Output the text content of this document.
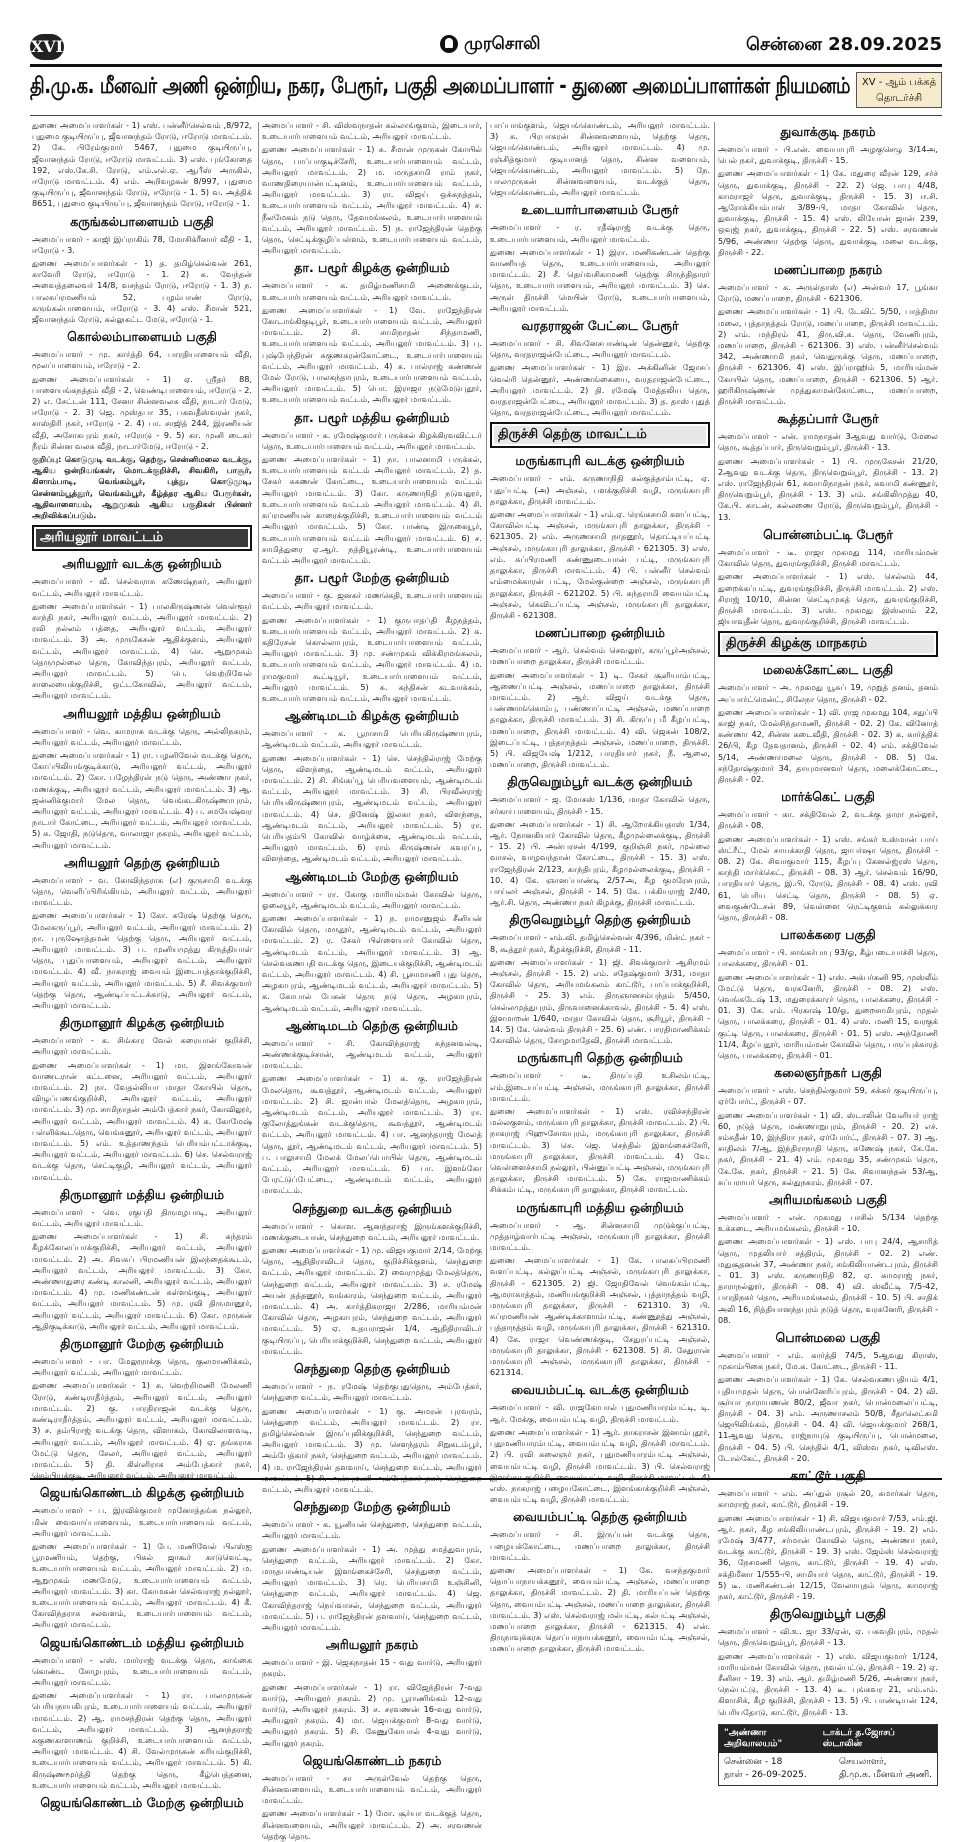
XVI	முரசொலி	சென்னை 28.09.2025
தி.மு.க. மீனவர் அணி ஒன்றிய, நகர, பேரூர், பகுதி அமைப்பாளர் - துணை அமைப்பாளர்கள் நியமனம்	XV - ஆம் பக்கத்
தொடர்ச்சி

துணை அமைப்பாளர்கள் - 1) எஸ். பன்னீர்செல்வம் ,8/972, புதுமை குடியிருப்பு, ஜீவானந்தம் ரோடு, ஈரோடு மாவட்டம். 2) கே. பிரேம்குமார் 5467, புதுமை குடியிருப்பு, ஜீவானந்தம் ரோடு, ஈரோடு மாவட்டம். 3) எஸ். புங்கோதை 192, எஸ்.கே.சி. ரோடு, எம்.எல்.ஏ. ஆபீஸ் அருகில், ஈரோடு மாவட்டம். 4) எம். அறிவழகன் 8/997, புதுமை குடியிருப்பு, ஜீவானந்தம் ரோடு, ஈரோடு - 1. 5) வ. அத்திக் 8651, புதுமை குடியிருப்பு, ஜீவானந்தம் ரோடு, ஈரோடு - 1.

கருங்கல்பாளையம் பகுதி

அமைப்பாளர் - காஜி இப்ராகிம் 78, மோசிக்ரீனார் வீதி - 1, ஈரோடு - 3.

துணை அமைப்பாளர்கள் - 1) த. தமிழ்செல்வன் 261, காவேரி ரோடு, ஈரோடு - 1. 2) சு. வேந்தன் அவைத்தலைவர் 14/8, வசந்தம் ரோடு, ஈரோடு - 1. 3) ந. பாலசுப்ரமணியம் 52, பழம்பாண் ரோடு, கருங்கல்பாளையம், ஈரோடு - 3. 4) எஸ். சீமான் 521, ஜீவானந்தம் ரோடு, கல்லுகட்ட மேடு, ஈரோடு - 1.

கொல்லம்பாளையம் பகுதி

அமைப்பாளர் - மு. கார்த்தி 64, பாரதியாளையம் வீதி, மூலப்பாளையம், ஈரோடு - 2.

துணை அமைப்பாளர்கள் - 1) ஏ. ஸ்ரீதர் 88, பாளையங்கநத்தம் வீதி - 2, வெண்டிபாளையம், ஈரோடு - 2. 2) எ. சேட்டன் 111, சேனா சின்னவலசு வீதி, நாடார் மேடு, ஈரோடு - 2. 3) ஜெ. முஸ்தபா 35, பகவதீஸ்வரன் நகர், சாஸ்திரி நகர், ஈரோடு - 2. 4) பா. சாஜித் 244, இரணியன் வீதி, அசோகபுரம் நகர், ஈரோடு - 9. 5) கா. முனி டைகர் நீரம் சின்ன வலசு வீதி, நாடார்மேடு, ஈரோடு - 2.

குறிப்பு: கொடுமுடி வடக்கு, தெற்கு, சென்னிமலை வடக்கு, ஆகிய ஒன்றியங்கள், மொடக்குறிச்சி, சிவகிரி, பாசூர், கிளாம்பாடி, வெங்கம்பூர், புத்து, கொடுமுடி, சென்னம்பூத்தூர், வெங்கம்பூர், கீழ்த்தர ஆகிய பேரூர்கள், ஆதிவாளையம், ஆறுமுகம் ஆகிய பகுதிகள் பின்னர் அறிவிக்கப்படும்.

அரியலூர் மாவட்டம்
அரியலூர் வடக்கு ஒன்றியம்

அமைப்பாளர் - வீ. செல்வராசு கணேஷ்நகர், அரியலூர் வட்டம், அரியலூர் மாவட்டம்.

துணை அமைப்பாளர்கள் - 1) பாலகிருஷ்ணன் வெள்ளூர் காந்தி நகர், அரியலூர் வட்டம், அரியலூர் மாவட்டம். 2) ரவி நல்லம் பத்தை, அரியலூர் வட்டம், அரியலூர் மாவட்டம். 3) அ. முருகேசன் ஆதிக்குளம், அரியலூர் வட்டம், அரியலூர் மாவட்டம். 4) செ. ஆறுமுகம் தெருமுல்லை தெரு, கோவிந்தபுரம், அரியலூர் வட்டம், அரியலூர் மாவட்டம். 5) பெ. வெற்றிவேல் சாலையைக்குறிச்சி, ஒட்டகோவில், அரியலூர் வட்டம், அரியலூர் மாவட்டம்.

அரியலூர் மத்திய ஒன்றியம்

அமைப்பாளர் - வெ. காமராசு வடக்கு தெரு, அல்லிநகரம், அரியலூர் வட்டம், அரியலூர் மாவட்டம்.

துணை அமைப்பாளர்கள் - 1) ரா. பழனிவேல் வடக்கு தெரு, கோப்பிலியங்குடிக்காடு, அரியலூர் வட்டம், அரியலூர் மாவட்டம். 2) கோ. பழேந்திரன் நடு தெரு, அண்ணா நகர், மணக்குடி, அரியலூர் வட்டம், அரியலூர் மாவட்டம். 3) ஆ. ஜன்னிக்குமார் மேல தெரு, வெங்கடகிருஷ்ணாபுரம், அரியலூர் வட்டம், அரியலூர் மாவட்டம். 4) ப. சமயேஷ்வர நாடார் கோட்டை, அரியலூர் வட்டம், அரியலூர் மாவட்டம். 5) சு. ஜோதி, நடுதெரு, வாலாஜா நகரம், அரியலூர் வட்டம், அரியலூர் மாவட்டம்.

அரியலூர் தெற்கு ஒன்றியம்

அமைப்பாளர் - வ. கோவிந்தராசு (எ) குருசாமி வடக்கு தெரு, வெளிப்பிரிங்கியம், அரியலூர் வட்டம், அரியலூர் மாவட்டம்.

துணை அமைப்பாளர்கள் - 1) கோ. சுரேஷ் தெற்கு தெரு, மேலகருப்பூர், அரியலூர் வட்டம், அரியலூர் மாவட்டம். 2) நா. புருஷோத்தமன் தெற்கு தெரு, அரியலூர் வட்டம், அரியலூர் மாவட்டம். 3) ப. முனியமுத்து கிருத்தியாள் தெரு, புதுப்பாளையம், அரியலூர் வட்டம், அரியலூர் மாவட்டம். 4) வீ. நாகராஜ் வையம் இடையத்தாக்குறிச்சி, அரியலூர் வட்டம், அரியலூர் மாவட்டம். 5) சீ. சிவக்குமார் தெற்கு தெரு, ஆண்டிப்பட்டக்காடு, அரியலூர் வட்டம், அரியலூர் மாவட்டம்.

திருமானூர் கிழக்கு ஒன்றியம்

அமைப்பாளர் - க. சிங்கார வேல் கரையான் குறிச்சி, அரியலூர் மாவட்டம்.

துணை அமைப்பாளர்கள் - 1) மா. இளங்கோவன் வாணடரான் கட்டனை, அரியலூர் வட்டம், அரியலூர் மாவட்டம். 2) நா. வேதல்லியா மாதா கோயில் தெரு, விழுப்பணங்குறிச்சி, அரியலூர் வட்டம், அரியலூர் மாவட்டம். 3) மு. சாமிநாதன் அம்பேத்கார் நகர், கோவிலூர், அரியலூர் வட்டம், அரியலூர் மாவட்டம். 4) க. கோமேஷ் பள்ளிக்கூடதெரு, வெங்கனூர், அரியலூர் வட்டம், அரியலூர் மாவட்டம். 5) எம். உத்தாணந்தம் பெரியம்பட்டாக்குடி, அரியலூர் வட்டம், அரியலூர் மாவட்டம். 6) செ. செல்வராஜ் வடக்கு தெரு, செட்டிகுழி, அரியலூர் வட்டம், அரியலூர் மாவட்டம்.

திருமானூர் மத்திய ஒன்றியம்

அமைப்பாளர் - வெ. ரகுபதி திருமழபாடி, அரியலூர் வட்டம், அரியலூர் மாவட்டம்.

துணை அமைப்பாளர்கள் - 1) சி. சுந்தரம் கீழக்கோலப்பாக்குறிச்சி, அரியலூர் வட்டம், அரியலூர் மாவட்டம். 2) அ. சிவசுப் பிரமணியன் இலந்தைக்கூடம், அரியலூர் வட்டம், அரியலூர் மாவட்டம். 3) கோ. அண்ணாதுரை கண்டி காலனி, அரியலூர் வட்டம், அரியலூர் மாவட்டம். 4) மு. மணிகண்டன் சுள்ளங்குடி, அரியலூர் வட்டம், அரியலூர் மாவட்டம். 5) மு. ரவி திருமானூர், அரியலூர் வட்டம், அரியலூர் மாவட்டம். 6) கோ. முருகன் ஆதிகுடிக்காடு, அரியலூர் வட்டம், அரியலூர் மாவட்டம்.

திருமானூர் மேற்கு ஒன்றியம்

அமைப்பாளர் - பா. மேலூராக்கு தெரு, குலமாணிக்கம், அரியலூர் வட்டம், அரியலூர் மாவட்டம்.

துணை அமைப்பாளர்கள் - 1) சு. வெற்றிமணி மேலணி ரோடு, கண்டிராதீர்த்தம், அரியலூர் வட்டம், அரியலூர் மாவட்டம். 2) கு. பாரதிராஜன் வடக்கு தெரு, கண்டிராதீர்த்தம், அரியலூர் வட்டம், அரியலூர் மாவட்டம். 3) ச. தம்பிராஜ் வடக்கு தெரு, விளாகம், கோவிலாளவடி, அரியலூர் வட்டம், அரியலூர் மாவட்டம். 4) ஏ. தங்கராசு மேட்டு தெரு, சேலர், அரியலூர் வட்டம், அரியலூர் மாவட்டம். 5) தி. கிள்ளிராசு அம்பேத்கார் நகர், செம்பியக்குடி, அரியலூர் வட்டம், அரியலூர் மாவட்டம்.

ஜெயங்கொண்டம் கிழக்கு ஒன்றியம்

அமைப்பாளர் - ப. இரவிக்குமார் முனோத்தங்க நல்லூர், மின் வைவாய்பாளையம், உடையார்பாளையம் வட்டம், அரியலூர் மாவட்டம்.

துணை அமைப்பாளர்கள் - 1) பே. மணிவேல் பிஎஸ்ஐ பூரமணியம், தெற்கு, பிகல் ஜாகூர் காடுவெட்டி, உடையார்பாளையம் வட்டம், அரியலூர் மாவட்டம். 2) ம. ஆறுமுகம் மணமேடு, உடையார்பாளையம் வட்டம், அரியலூர் மாவட்டம். 3) கா. கோமகன் செல்வராஜ் நல்லூர், உடையார்பாளையம் வட்டம், அரியலூர் மாவட்டம். 4) கீ. கோவிந்தராசு சலவளம், உடையார்பாளையம் வட்டம், அரியலூர் மாவட்டம்.

ஜெயங்கொண்டம் மத்திய ஒன்றியம்

அமைப்பாளர் - எஸ். மார்ராஜ் வடக்கு தெரு, காங்கை கொண்ட சோழபுரம், உடையார்பாளையம் வட்டம், அரியலூர் மாவட்டம்.

துணை அமைப்பாளர்கள் - 1) ரா. பாலமுருகன் பெரியநாயகிபுரம், உடையார்பாளையம் வட்டம், அரியலூர் மாவட்டம். 2) ஆ. ராமசந்திரன் தெற்கு தெரு, அரியலூர் வட்டம், அரியலூர் மாவட்டம். 3) ஆனந்தராஜ் சுகுணகாளாணம் குறிச்சி, உடையார்பாளையம் வட்டம், அரியலூர் மாவட்டம். 4) சி. வேல்முருகன் கரியம்குறிச்சி, உடையார்பாளையம் வட்டம், அரியலூர் மாவட்டம். 5) கி. கிருஷ்ணமூர்த்தி தெற்கு தெரு, கீழ்பெத்தனை, உடையார்பாளையம் வட்டம், அரியலூர் மாவட்டம்.

ஜெயங்கொண்டம் மேற்கு ஒன்றியம்

அமைப்பாளர் - சி. விஸ்வநாதன் கல்லாங்குளம், இடையார், உடையார்பாளையம் வட்டம், அரியலூர் மாவட்டம்.

துணை அமைப்பாளர்கள் - 1) சு. சீமான் முருகன் கோயில் தெரு, பாப்பாகுடிச்சேரி, உடையார்பாளையம் வட்டம், அரியலூர் மாவட்டம். 2) ம. மருதசாமி ராம் நகர், வாணதிரையான்பட்டினம், உடையார்பாளையம் வட்டம், அரியலூர் மாவட்டம். 3) ரா. விஜய் ஒக்கநத்தம், உடையார்பாளையம் வட்டம், அரியலூர் மாவட்டம். 4) ச. நீலமேகம் நடு தெரு, தேவமங்கலம், உடையார்பாளையம் வட்டம், அரியலூர் மாவட்டம். 5) ந. ராஜேந்திரன் தெற்கு தெரு, செட்டிக்குழிப்பள்ளம், உடையார்பாளையம் வட்டம், அரியலூர் மாவட்டம்.

தா. பழூர் கிழக்கு ஒன்றியம்

அமைப்பாளர் - க. தமிழ்மணிசாமி அணைக்குடம், உடையார்பாளையம் வட்டம், அரியலூர் மாவட்டம்.

துணை அமைப்பாளர்கள் - 1) வே. ராஜேந்திரன் கோடாங்கிகுடிபூர், உடையார்பாளையம் வட்டம், அரியலூர் மாவட்டம். 2) சி. சாமிநாதன் சிந்தாமணி, உடையார்பாளையம் வட்டம், அரியலூர் மாவட்டம். 3) பு. புஷ்பேந்திரன் சுகுணகரன்கோட்டை, உடையார்பாளையம் வட்டம், அரியலூர் மாவட்டம். 4) க. பால்ராஜ் கண்ணன் மேல் ரோடு, பாலகந்தாபுரம், உடையார்பாளையம் வட்டம், அரியலூர் மாவட்டம். 5) பொ. இராஜா நடுமேடுபுதூர், உடையார்பாளையம் வட்டம், அரியலூர் மாவட்டம்.

தா. பழூர் மத்திய ஒன்றியம்

அமைப்பாளர் - க. ரமேஷ்குமார் பருக்கல் கிழக்கிரவவிட்டர் தெரு, உடையார்பாளையம் வட்டம், அரியலூர் மாவட்டம்.

துணை அமைப்பாளர்கள் - 1) நா. பாலனாமி பருக்கல், உடையார்பாளையம் வட்டம் அரியலூர் மாவட்டம். 2) த. சேகர் சுகணன் கோட்டை, உடையார்பாளையம் வட்டம் அரியலூர் மாவட்டம். 3) கோ. கருணாநிதி நடுவலூர், உடையார்பாளையம் வட்டம் அரியலூர் மாவட்டம். 4) சி. சுப்ரமணியன் காரைக்குறிச்சி, உடையார்பாளையம் வட்டம் அரியலூர் மாவட்டம். 5) கோ. பாண்டி இருகையூர், உடையார்பாளையம் வட்டம் அரியலூர் மாவட்டம். 6) ச. சாமித்துரை ஏ.ஆர். நத்தியூரண்டி, உடையார்பாளையம் வட்டம் அரியலூர் மாவட்டம்.

தா. பழூர் மேற்கு ஒன்றியம்

அமைப்பாளர் - கு. ஜனகர் மணகெதி, உடையார்பாளையம் வட்டம், அரியலூர் மாவட்டம்.

துணை அமைப்பாளர்கள் - 1) குருபாதப்தி கீழநத்தம், உடையார்பாளையம் வட்டம், அரியலூர் மாவட்டம். 2) க. கதிரேசன் கொல்லாபுரம், உடையார்பாளையம் வட்டம், அரியலூர் மாவட்டம். 3) மு. சண்முகம் விக்கிரமங்கலம், உடையார்பாளையம் வட்டம், அரியலூர் மாவட்டம். 4) ம. ராமகுமார் கூட்டியூர், உடையார்பாளையம் வட்டம், அரியலூர் மாவட்டம். 5) சு. கந்திசன் கடவாக்கம், உடையார்பாளையம் வட்டம், அரியலூர் மாவட்டம்.

ஆண்டிமடம் கிழக்கு ஒன்றியம்

அமைப்பாளர் - க. பூராசாமி பெரியகிருஷ்ணாபுரம், ஆண்டிமடம் வட்டம், அரியலூர் மாவட்டம்.

துணை அமைப்பாளர்கள் - 1) செ. செந்தில்ராஜ் மேற்கு தெரு, விளந்தை, ஆண்டிமடம் வட்டம், அரியலூர் மாவட்டம். 2) சி. சிங்கப்பூ பெரியவளையம், ஆண்டிமடம் வட்டம், அரியலூர் மாவட்டம். 3) சி. பிரவீன்ராஜ் பெரியகிருஷ்ணாபுரம், ஆண்டிமடம் வட்டம், அரியலூர் மாவட்டம். 4) செ. தினேஷ் இலகா நகர், விளந்தை, ஆண்டிமடம் வட்டம், அரியலூர் மாவட்டம். 5) ரா. பெரியதம்பி கோவில் வாழ்க்கை, ஆண்டிமடம் வட்டம், அரியலூர் மாவட்டம். 6) ராம் கிருஷ்ணன் கவரப்பு, விளந்தை, ஆண்டிமடம் வட்டம், அரியலூர் மாவட்டம்.

ஆண்டிமடம் மேற்கு ஒன்றியம்

அமைப்பாளர் - ரா. கோகு மாரியம்மன் கோவில் தெரு, ஓலையூர், ஆண்டிமடம் வட்டம், அரியலூர் மாவட்டம்.

துணை அமைப்பாளர்கள் - 1) ந. ராமானுஜம் சீனியன் கோவில் தெரு, மருதூர், ஆண்டிமடம் வட்டம், அரியலூர் மாவட்டம். 2) ர. சேகர் பிள்ளையார் கோவில் தெரு, ஆண்டிமடம் வட்டம், அரியலூர் மாவட்டம். 3) ஆ. செல்வகணபதி வடக்கு தெரு, இடையக்குறிச்சி, ஆண்டிமடம் வட்டம், அரியலூர் மாவட்டம். 4) சி. பூசாமாணி புது தெரு, அழகாபுரம், ஆண்டிமடம் வட்டம், அரியலூர் மாவட்டம். 5) க. கோபால் பேகன் தெரு நடு தெரு, அழகாபுரம், ஆண்டிமடம் வட்டம், அரியலூர் மாவட்டம்.

ஆண்டிமடம் தெற்கு ஒன்றியம்

அமைப்பாளர் - சி. கோவிந்தராஜ் சுந்தனவல்டி, அண்ணக்குடிச்சான், ஆண்டிமடம் வட்டம், அரியலூர் மாவட்டம்.

துணை அமைப்பாளர்கள் - 1) க. கு. ராஜேந்திரன் மேலதெரு, கூவத்தூர், ஆண்டிமடம் வட்டம், அரியலூர் மாவட்டம். 2) சி. ஜான்பால் மேலத்தெரு, அழகாபுரம், ஆண்டிமடம் வட்டம், அரியலூர் மாவட்டம். 3) ரா. குலோத்துங்கன் வடக்குதெரு, கூவத்தூர், ஆண்டிமடம் வட்டம், அரியலூர் மாவட்டம். 4) பா. ஆனந்தராஜ் மேலத் தெரு, தூர், ஆண்டிமடம் வட்டம், அரியலூர் மாவட்டம். 5) ப. பாலுசாமி மேலக் மேலப்பொயில் தெரு, ஆண்டிமடம் வட்டம், அரியலூர் மாவட்டம். 6) பா. இளங்கோ பேரட்டுப்பேட்டை, ஆண்டிமடம் வட்டம், அரியலூர் மாவட்டம்.

செந்துறை வடக்கு ஒன்றியம்

அமைப்பாளர் - கொள. ஆனந்தராஜ் இருங்களக்குறிச்சி, மணக்குடையான், செந்துறை வட்டம், அரியலூர் மாவட்டம்.

துணை அமைப்பாளர்கள் - 1) மு. விஜயகுமார் 2/14, மேற்கு தெரு, ஆதிதிராவிடர் தெரு, குறிச்சிக்குளம், செந்துறை வட்டம், அரியலூர் மாவட்டம். 2) வைரமுத்து மேலத்தெரு, செந்துறை வட்டம், அரியலூர் மாவட்டம். 3) ச. ரமேஷ் அயன் தத்தனூர், வங்காரம், செந்துறை வட்டம், அரியலூர் மாவட்டம். 4) அ. கார்த்திகராஜா 2/286, மாரியம்மன் கோவில் தெரு, அழகாபுரம், செந்துறை வட்டம், அரியலூர் மாவட்டம். 5) ஏ. உதயராஜன் 1/4, ஆதிதிராவிடர் குடியிருப்பு, பெரியாக்குறிச்சி, செந்துறை வட்டம், அரியலூர் மாவட்டம்.

செந்துறை தெற்கு ஒன்றியம்

அமைப்பாளர் - ந. ரமேஷ் தெற்குபுதுதெரு, அம்பேத்கர், செந்துறை வட்டம், அரியலூர் மாவட்டம்.

துணை அமைப்பாளர்கள் - 1) கு. அமரன் புரவரம், செந்துறை வட்டம், அரியலூர் மாவட்டம். 2) ரா. தமிழ்செல்வன் இருப்புலிக்குறிச்சி, செந்துறை வட்டம், அரியலூர் மாவட்டம். 3) மு. செளந்தரம் சிறுகடம்பூர், அம்பேத்கார் நகர், செந்துறை வட்டம், அரியலூர் மாவட்டம். 4) ம. ராஜேந்திரன் தளவாய், செந்துறை வட்டம், அரியலூர் மாவட்டம். 5) சி. அன்புமணி அம்பேத்கார் நகர், செந்துறை வட்டம், அரியலூர் மாவட்டம்.

செந்துறை மேற்கு ஒன்றியம்

அமைப்பாளர் - க. யூனியன் செந்துறை, செந்துறை வட்டம், அரியலூர் மாவட்டம்.

துணை அமைப்பாளர்கள் - 1) அ. முத்து சமத்துவபுரம், செந்துறை வட்டம், அரியலூர் மாவட்டம். 2) கோ. மருதபாண்டியன் இளங்கைச்சேரி, செந்துறை வட்டம், அரியலூர் மாவட்டம். 3) ரெ. பெரியசாமி உஞ்சினி, செந்துறை வட்டம், அரியலூர் மாவட்டம். 4) ஜெ. கோவிந்தராஜ் நெய்வாசல், செந்துறை வட்டம், அரியலூர் மாவட்டம். 5) ப. ராஜேந்திரன் தளவாய், செந்துறை வட்டம், அரியலூர் மாவட்டம்.

அரியலூர் நகரம்

அமைப்பாளர் - இ. ஜெகநாதன் 15 - வது வார்டு, அரியலூர் நகரம்.

துணை அமைப்பாளர்கள் - 1) ரா. விஜேந்திரன் 7-வது வார்டு, அரியலூர் நகரம். 2) மு. பூராணிங்கம் 12-வது வார்டு, அரியலூர் நகரம். 3) ச. சரவணன் 16-வது வார்டு, அரியலூர் நகரம். 4) மா. ஜெயக்குமார் 8-வது வார்டு, அரியலூர் நகரம். 5) சி. கேணுகோபால் 4-வது வார்டு, அரியலூர் நகரம்.

ஜெயங்கொண்டம் நகரம்

அமைப்பாளர் - சா அருள்வேல் தெற்கு தெரு, சின்னவளையம், உடையார்பாளையம் வட்டம், அரியலூர் மாவட்டம்.

துணை அமைப்பாளர்கள் - 1) மோ. சூர்யா வடக்குத் தெரு, சின்னவளையம், அரியலூர் மாவட்டம். 2) அ. சரவணன் தெற்கு தெரு.

பாப்பாங்குளம், ஜெயங்கொண்டம், அரியலூர் மாவட்டம். 3) சு. பிரபாகரன் சின்னவளையம், தெற்கு தெரு, ஜெயங்கொண்டம், அரியலூர் மாவட்டம். 4) மு. ரஞ்சித்குமார் குடியானத் தெரு, சின்ன வளையம், ஜெயங்கொண்டம், அரியலூர் மாவட்டம். 5) நே. பாலமுருகன் சின்னவளையம், வடக்குத் தெரு, ஜெயங்கொண்டம், அரியலூர் மாவட்டம்.

உடையார்பாளையம் பேரூர்

அமைப்பாளர் - ர. ரதீஷ்ராஜ் வடக்கு தெரு, உடையார்பாளையம், அரியலூர் மாவட்டம்.

துணை அமைப்பாளர்கள் - 1) இரா. மணிகண்டன் தெற்கு வாணியத் தெரு, உடையார்பாளையம், அரியலூர் மாவட்டம். 2) சீ. தெய்வசிகாமணி தெற்கு சிருந்திதாரர் தெரு, உடையார்பாளையம், அரியலூர் மாவட்டம். 3) செ. அருள் திருச்சி மெயின் ரோடு, உடையார்பாளையம், அரியலூர் மாவட்டம்.

வரதராஜன் பேட்டை பேரூர்

அமைப்பாளர் - சி. சிவனேசபாண்டின் தென்னூர், தெற்கு தெரு, வரதராஜன்பேட்டை, அரியலூர் மாவட்டம்.

துணை அமைப்பாளர்கள் - 1) இர. அக்கினின் ஜோசப் வெல்ரி தென்னூர், அண்ணங்கையை, வரதராஜன்பேட்டை, அரியலூர் மாவட்டம். 2) தி. ரமேஷ் மேத்தலிய தெரு, வரதராஜன்பேட்டை, அரியலூர் மாவட்டம். 3) த. தாஸ் புதுத் தெரு, வரதராஜன்பேட்டை, அரியலூர் மாவட்டம்.

திருச்சி தெற்கு மாவட்டம்
மருங்காபுரி வடக்கு ஒன்றியம்

அமைப்பாளர் - எம். கருணாநிதி கல்குத்தாம்பட்டி, ஏ. புதுப்பட்டி (அ) அஞ்சல், பளக்குறிச்சி வழி, மருங்காபுரி தாலுக்கா, திருச்சி மாவட்டம்.

துணை அமைப்பாளர்கள் - 1) எம்.ஏ. ரெங்கசாமி களப்பட்டி, கோவில்பட்டி அஞ்சல், மருங்காபுரி தாலுக்கா, திருச்சி - 621305. 2) எம். அருணசாமி நாதனூர், தொட்டியப்பட்டி அஞ்சல், மருங்காபுரி தாலுக்கா, திருச்சி - 621305. 3) எஸ். எம். சுப்பிரமணி கண்ணுடையான் பட்டி, மருங்காபுரி தாலுக்கா, திருச்சி மாவட்டம். 4) பி. பன்னீர் செல்வம் எம்மைக்காரன் பட்டி, மேல்குன்றை அஞ்சல், மருங்காபுரி தாலுக்கா, திருச்சி - 621202. 5) பி. சுந்தராமி வையம்பட்டி அஞ்சல், கெவிடப்பட்டி அஞ்சல், மருங்காபுரி தாலுக்கா, திருச்சி - 621308.

மணப்பாறை ஒன்றியம்

அமைப்பாளர் - ஆர். செல்வம் செவலூர், கருப்பூர்அஞ்சல், மணப்பாறை தாலுக்கா, திருச்சி மாவட்டம்.

துணை அமைப்பாளர்கள் - 1) டி. சேகர் சூளியாம்பட்டி, ஆணைப்பட்டி அஞ்சல், மணப்பாறை தாலுக்கா, திருச்சி மாவட்டம். 2) ஆர். விஜய் வடக்கு தெரு, பண்ணாங்கொம்பு, பண்ணாப்பட்டி அஞ்சல், மணப்பாறை தாலுக்கா, திருச்சி மாவட்டம். 3) சி. கிருப்பு மீ கீழப்பட்டி, மணப்பாறை, திருச்சி மாவட்டம். 4) வி. ஜெகன் 108/2, இடைப்பட்டி, புத்தாநத்தம் அஞ்சல், மணப்பாறை, திருச்சி. 5) பி. விஜயேஷ் 1/212, பாரதியார் நகர், நீ. ஆலை, மணப்பாறை, திருச்சி மாவட்டம்.

திருவெறும்பூர் வடக்கு ஒன்றியம்

அமைப்பாளர் - ஜ. மோசஸ் 1/136, மாதா கோவில் தெரு, சர்காா்பாளையம், திருச்சி - 15.

துணை அமைப்பாளர்கள் - 1) சி. ஆறோக்கியதாஸ் 1/34, ஆர். நோனகியார் கோவில் தெரு, கீழமுல்லைக்குடி, திருச்சி - 15. 2) பி. அன்பரசன் 4/199, குறிஞ்சி நகர், முல்லை வாசல், வாழவந்தான் கோட்டை, திருச்சி - 15. 3) எஸ். ராஜேந்திரன் 2/123, காந்திபுரம், கீழமுல்லைக்குடி, திருச்சி - 10. 4) கே. ஞானப்பாண்டி 2/57அ, கீழ குமரேசபுரம், பாய்லர் அஞ்சல், திருச்சி - 14. 5) கே. பக்கியராஜ் 2/40, ஆர்.சி. தெரு, அண்ணா நகர் கிழக்கு, திருச்சி மாவட்டம்.

திருவெறும்பூர் தெற்கு ஒன்றியம்

அமைப்பாளர் - எம்.வி. தமிழ்செல்வன் 4/396, மின்ட் நகர் - 8, கூத்தூர் நகர், கீழக்குறிச்சி, திருச்சி - 11.

துணை அமைப்பாளர்கள் - 1) ஜி. சிவக்குமார் ஆசிரமம் அஞ்சல், திருச்சி - 15. 2) எம். சதேஷ்குமார் 3/31, மாதா கோவில் தெரு, அரியமங்கலம் காட்டூர், பாப்பாக்குறிச்சி, திருச்சி - 25. 3) எம். திருஞானசம்பந்தம் 5/450, செல்லமுத்துபுரம், திருவானைக்காவல், திருச்சி - 5. 4) எஸ். இளமாறன் 1/640, மாதா கோவில் தெரு, சூரியூர், திருச்சி - 14. 5) கே. செல்வம் திருச்சி - 25. 6) எண். பாரதிமாணிக்கம் கோவில் தெரு, சோழமாதேவி, திருச்சி மாவட்டம்.

மருங்காபுரி தெற்கு ஒன்றியம்

அமைப்பாளர் - டீ. திருப்பதி உசிலம்பட்டி, எம்.இடையப்பட்டி அஞ்சல், மருங்காபுரி தாலுக்கா, திருச்சி மாவட்டம்.

துணை அமைப்பாளர்கள் - 1) எஸ். ரவிச்சந்திரன் மல்லகுளம், மருங்காபுரி தாலுக்கா, திருச்சி மாவட்டம். 2) பி. நாகராஜ் பிஹுசோவபுரம், மருங்காபுரி தாலுக்கா, திருச்சி மாவட்டம். 3) செ. ஜெ. செந்தில் இளங்கைச்சேரி, மருங்காபுரி தாலுக்கா, திருச்சி மாவட்டம். 4) வே. வெள்ளைச்சாமி நல்லூர், பின்னுப்பட்டி அஞ்சல், மருங்காபுரி தாலுக்கா, திருச்சி மாவட்டம். 5) கே. ராஜமாணிக்கம் சிக்கம்பட்டி, மருங்காபுரி தாலுக்கா, திருச்சி மாவட்டம்.

மருங்காபுரி மத்திய ஒன்றியம்

அமைப்பாளர் - ஆ. சின்னசாமி முடுக்குப்பட்டி, முத்தாழ்வார்பட்டி அஞ்சல், மருங்காபுரி தாலுக்கா, திருச்சி மாவட்டம்.

துணை அமைப்பாளர்கள் - 1) கே. பாலசுப்பிரமணி வளப்பட்டி, கல்லுப்பட்டி அஞ்சல், மருங்காபுரி தாலுக்கா, திருச்சி - 621305. 2) ஜி. ஜோதிவேல் வெங்கம்பட்டி, ஆமராகாத்தம், மணியங்குறிச்சி அஞ்சல், புத்தாநத்தம் வழி, மருங்காபுரி தாலுக்கா, திருச்சி - 621310. 3) பி. சுப்ரமணியன் ஆண்டிக்காளாம்பட்டி, கண்ணூத்து அஞ்சல், புத்தாநத்தம் வழி, மருங்காபுரி தாலுக்கா, திருச்சி - 621310. 4) கே. ராஜா வெண்ணக்குடி, சேதுரப்பட்டி அஞ்சல், மருங்காபுரி தாலுக்கா, திருச்சி - 621308. 5) சி. சேதுரான் மருங்காபுரி அஞ்சல், மருங்காபுரி தாலுக்கா, திருச்சி - 621314.

வையம்பட்டி வடக்கு ஒன்றியம்

அமைப்பாளர் - வி. ராஜகோபால் புதுமணியாரம்பட்டி, டி. ஆர். மேக்கு, வையம்பட்டி வழி, திருச்சி மாவட்டம்.

துணை அமைப்பாளர்கள் - 1) ஆர். நாகராசன் இனாம்புதூர், புதுமணியாரம்பட்டி, வையம்பட்டி வழி, திருச்சி மாவட்டம். 2) பி. ரவி கலைஞர் நகர், புதுமணியாரம்பட்டி அஞ்சல், வையம்பட்டி வழி, திருச்சி மாவட்டம். 3) பி. செல்வராஜ் இளங்கா குறிச்சி, வையம்பட்டி வழி, திருச்சி மாவட்டம். 4) எஸ். நாகராஜ் பழையகோட்டை, இளங்காக்குறிச்சி அஞ்சல், வையம்பட்டி வழி, திருச்சி மாவட்டம்.

வையம்பட்டி தெற்கு ஒன்றியம்

அமைப்பாளர் - சி. இருப்பன் வடக்கு தெரு, பழையக்கோட்டை, மணப்பாறை தாலுக்கா, திருச்சி மாவட்டம்.

துணை அமைப்பாளர்கள் - 1) கே. வசந்தகுமார் தொப்பாநாயக்கனூர், வையம்பட்டி அஞ்சல், மணப்பாறை தாலுக்கா, திருச்சி மாவட்டம். 2) தி. மாரியப்பன் தெற்கு தெரு, வையம்பட்டி அஞ்சல், மணப்பாறை தாலுக்கா, திருச்சி மாவட்டம். 3) எஸ். செல்வராஜ் மல்பட்டி, கல்பட்டி அஞ்சல், மணப்பாறை தாலுக்கா, திருச்சி - 621315. 4) என். திருநாவுக்கரசு தொப்பாநாயக்கனூர், வையம்பட்டி அஞ்சல், மணப்பாறை தாலுக்கா, திருச்சி மாவட்டம்.

துவாக்குடி நகரம்

அமைப்பாளர் - பி.என். வையாபுரி அழகுசெழு 3/14அ, பெல் நகர், துவாக்குடி, திருச்சி - 15.

துணை அமைப்பாளர்கள் - 1) கே. மதுரை வீரன் 129, சர்ச் தெரு, துவாக்குடி, திருச்சி - 22. 2) ஜெ. பாபு 4/48, காமராஜர் தெரு, துவாக்குடி, திருச்சி - 15. 3) ஈ.சி. ஆரோக்கியம்பாள் 3/89-பி, மாதா கோவில் தெரு, துவாக்குடி, திருச்சி - 15. 4) எஸ். லியோன் ஜான் 239, ஒவுஜ் நகர், துவாக்குடி, திருச்சி - 22. 5) எஸ். சரவணன் 5/96, அண்ணா தெற்கு தெரு, துவாக்குடி மலை வடக்கு, திருச்சி - 22.

மணப்பாறை நகரம்

அமைப்பாளர் - க. அருள்தாஸ் (எ) அன்வர் 17, பூங்கா ரோடு, மணப்பாறை, திருச்சி - 621306.

துணை அமைப்பாளர்கள் - 1) பி. டேவிட் 5/50, பாத்திமா மலை, புத்தாநத்தம் ரோடு, மணப்பாறை, திருச்சி மாவட்டம். 2) எம். மந்திரம் 41, திரு.வி.க. தெரு, வேணிபுரம், மணப்பாறை, திருச்சி - 621306. 3) எஸ். பன்னீர்செல்வம் 342, அண்ணாமி நகர், வெதுருக்கு தெரு, மணப்பாறை, திருச்சி - 621306. 4) எஸ். இப்ராஹிம் 5, மாரியம்மன் கோயில் தெரு, மணப்பாறை, திருச்சி - 621306. 5) ஆர். ஹரிகிருஷ்ணன் முத்துகாமன்கோட்டை, மணப்பாறை, திருச்சி மாவட்டம்.

கூத்தப்பார் பேரூர்

அமைப்பாளர் - என். ராமநாதன் 3ஆவது வார்டு, மேலை தெரு, கூத்தப்பார், திருவெறும்பூர், திருச்சி - 13.

துணை அமைப்பாளர்கள் - 1) பி. முருகேசன் 21/20, 2ஆவது வடக்கு தெரு, திருவெறும்பூர், திருச்சி - 13. 2) எஸ். ராஜேந்திரன் 61, சுவாமிநாதன் நகர், சுவாமி கண்ணூர், திருவெறும்பூர், திருச்சி - 13. 3) எம். சங்கிலிமுத்து 40, கே.பி. காடன், கல்லணை ரோடு, திருவெறும்பூர், திருச்சி - 13.

பொன்னம்பட்டி பேரூர்

அமைப்பாளர் - டீ. ராஜா முகமது 114, மாரியம்மன் கோவில் தெரு, துவரங்குறிச்சி, திருச்சி மாவட்டம்.

துணை அமைப்பாளர்கள் - 1) எஸ். செல்லம் 44, துறைக்கப்பட்டி, துவரங்குறிச்சி, திருச்சி மாவட்டம். 2) எஸ். சிராஜ் 10/10, சின்ன செட்டிமுகத் தெரு, துவரங்குறிச்சி, திருச்சி மாவட்டம். 3) எஸ். முகமது இஸ்லாம் 22, ஜியாவுதீன் தெரு, துவரங்குறிச்சி, திருச்சி மாவட்டம்.

திருச்சி கிழக்கு மாநகரம்
மலைக்கோட்டை பகுதி

அமைப்பாளர் - அ. முகமது யூசுப் 19, முறுத் தனம், தனம் அப்பார்ட்மென்ட், சிலேநா தெரு, திருச்சி - 02.

துணை அமைப்பாளர்கள் - 1) வி. ராஜ முகமது 104, சதுப்பி காஜி நகர், மேல்சிந்தாமணி, திருச்சி - 02. 2) கே. வினோத் கண்ணா 42, சின்ன கடைவீதி, திருச்சி - 02. 3) க. கார்த்திக் 26/பி, கீழ தேவதானம், திருச்சி - 02. 4) எம். சக்திவேல் 5/14, அண்ணாமலை தெரு, திருச்சி - 08. 5) கே. சந்தோஷ்குமார் 34, தாயுமானவர் தெரு, மலைக்கோட்டை, திருச்சி - 02.

மார்க்கெட் பகுதி

அமைப்பாளர் - கா. சக்திவேல் 2, வடக்கு தாரா நல்லூர், திருச்சி - 08.

துணை அமைப்பாளர்கள் - 1) எஸ். சங்கர் உஸ்மான் பாய் ஸ்ட்ரீட், மேல் சாயக்காதி தெரு, ஜாபர்ஷா தெரு, திருச்சி - 08. 2) கே. சிவாகுமார் 115, கீழப்பு கேனல்ஜ்ரஸ் தெரு, காந்தி மார்க்கெட், திருச்சி - 08. 3) ஆர். செல்வம் 16/90, பாரதியார் தெரு, இ.பி. ரோடு, திருச்சி - 08. 4) எஸ். ரவி 61, பெரிய செட்டி தெரு, திருச்சி - 08. 5) ஏ. வைகுண்டேசன் 89, வெள்ளை ரெட்டிகுளம் கல்லுக்கார தெரு, திருச்சி - 08.

பாலக்கரை பகுதி

அமைப்பாளர் - பி. சாங்கர்பாபு 93/ஓ, கீழ்படையாச்சி தெரு, பாலக்கரை, திருச்சி - 01.

துணை அமைப்பாளர்கள் - 1) எஸ். அக்பர்கனி 95, முஸ்லீம் மேட்டு தெரு, வரகனேரி, திருச்சி - 08. 2) எஸ். வெங்கடேஷ் 13, மதுரைக்காரர் தெரு, பாலக்கரை, திருச்சி - 01. 3) கே. எம். பிரகாஷ் 10/ஓ, துறைசாமிபுரம், முதல் தெரு, பாலக்கரை, திருச்சி - 01. 4) எஸ். மணி 15, வரகுக் குட்டி தெரு, பாலக்கரை, திருச்சி - 01. 5) எஸ். அந்தோணி 11/4, கீழப்புதூர், மாரியம்மன் கோவில் தெரு, பருப்புக்காரத் தெரு, பாலக்கரை, திருச்சி - 01.

கலைஞர்நகர் பகுதி

அமைப்பாளர் - எஸ். செந்தில்குமார் 59, சுக்கர் குடியிருப்பு, ஏர்போர்ட், திருச்சி - 07.

துணை அமைப்பாளர்கள் - 1) வி. ஸ்டாலின் வேளியர் ராஜ் 60, நடுத் தெரு, மண்ணாறுபுரம், திருச்சி - 20. 2) எச். சம்சுதீன் 10, இந்திரா நகர், ஏர்போர்ட், திருச்சி - 07. 3) ஆ. சாதிலம் 7/ஆ, இந்திராநாதி தெரு, கணேஷ் நகர், கே.கே. நகர், திருச்சி - 21. 4) எம். முகமது 35, சண்முகம் தெரு, கே.கே. நகர், திருச்சி - 21. 5) கே. சிவானந்தன் 53/ஆ, சுப்பராயர் தெரு, சுல்துநகரம், திருச்சி - 07.

அரியமங்கலம் பகுதி

அமைப்பாளர் - என். முகமது பாசில் 5/134 தெற்கு உக்கடை, அரியமங்கலம், திருச்சி - 10.

துணை அமைப்பாளர்கள் - 1) எஸ். பாபு 24/4, ஆசாரித் தெரு, முதலியார் சத்திரம், திருச்சி - 02. 2) எண். மதுசூதனன் 37, அண்ணா நகர், சங்கிலியாண்டபுரம், திருச்சி - 01. 3) எஸ். கருணாநிதி 82, ஏ. காமராஜ் நகர், தாராநல்லூர், திருச்சி - 08. 4) வி. ஸ்வீட்டி 7/5-42, பாரதிநகர் தெரு, அரியமங்கலம், திருச்சி - 10. 5) பி. சாதிக் அலி 16, நித்தியானந்தபுரம் நடுத் தெரு, வரகனேரி, திருச்சி - 08.

பொன்மலை பகுதி

அமைப்பாளர் - எம். கார்த்தி 74/5, 5ஆவது கிராஸ், முகாம்பிகை நகர், மே.க. கோட்டை, திருச்சி - 11.

துணை அமைப்பாளர்கள் - 1) கே. செல்வகணபதியம் 4/1, புதியமுதல் தெரு, பொன்னேரிப்புரம், திருச்சி - 04. 2) வி. சூர்யா நாராயணன் 80/2, ஜீவா நகர், பொன்மலைப்பட்டி, திருச்சி - 04. 3) எம். அருணாசலம் 50/8, சீதாலெட்சுமி ஜெயிலிங்கம், திருச்சி - 04. 4) வி. ஜெயக்குமார் 268/1, 11ஆவது தெரு, ராஜ்நாயுடு குடியிருப்பு, பொன்மலை, திருச்சி - 04. 5) பி. செந்தில் 4/1, விஸ்வ நகர், டிவிஎஸ். டோல்கேட், திருச்சி - 20.

காட்டூர் பகுதி

அமைப்பாளர் - எம். அப்துல் ரசூல் 20, சுமார்கள் தெரு, காமராஜ் நகர், காட்டூர், திருச்சி - 19.

துணை அமைப்பாளர்கள் - 1) சி. விஜயகுமார் 7/53, எம்.ஜி. ஆர். நகர், கீழ சங்கிலியாண்டபுரம், திருச்சி - 19. 2) எம். ரமேஷ் 3/477, சர்மான் கோவில் தெரு, அண்ணா நகர், வடக்கு காட்டூர், திருச்சி - 19. 3) எஸ். ஜேம்ஸ் செல்வராஜ் 36, நேசமணி தெரு, காட்டூர், திருச்சி - 19. 4) எஸ். சக்திமீனா 1/555-பி, சாமியார் தெரு, காட்டூர், திருச்சி - 19. 5) டீ. மணிகண்டன் 12/15, வேலாயுதம் தெரு, காமராஜ் நகர், காட்டூர், திருச்சி - 19.

திருவெறும்பூர் பகுதி

அமைப்பாளர் - வி.உ. ஜா 33/ஏன், ஏ. பகவதிபுரம், முதல் தெரு, திருவெறும்பூர், திருச்சி - 13.

துணை அமைப்பாளர்கள் - 1) எஸ். விஜயகுமார் 1/124, மாரியம்மன் கோவில் தெரு, நவல்பட்டு, திருச்சி - 19. 2) ஏ. சீனிசா - 19. 3) எம். ஆர். தமிழ்மணி 5/26, அண்ணா நகர், நெல்பட்டு, திருச்சி - 13. 4) டீ. புங்கவர 21, எம்.எம். கிளாசிக், கீழ குறிச்சி, திருச்சி - 13. 5) பி. பாண்டியன் 124, பெரியதோடு, காட்டூர், திருச்சி - 13.

"அண்ணா அறிவாலயம்"
டாக்டர் த.ஜோசப் ஸ்டாலின்
சென்னை - 18
நாள் - 26-09-2025.
செயலாளர்,
தி.மு.க. மீனவர் அணி.
